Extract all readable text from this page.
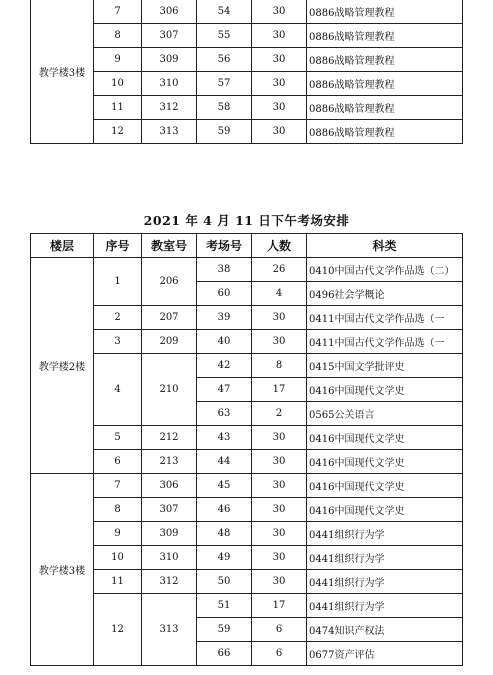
教学楼3楼	7	306	54	30	0886战略管理教程
	8	307	55	30	0886战略管理教程
	9	309	56	30	0886战略管理教程
	10	310	57	30	0886战略管理教程
	11	312	58	30	0886战略管理教程
	12	313	59	30	0886战略管理教程
2021 年 4 月 11 日下午考场安排
楼层	序号	教室号	考场号	人数	科类
教学楼2楼	1	206	38	26	0410中国古代文学作品选（二）
			60	4	0496社会学概论
	2	207	39	30	0411中国古代文学作品选（一
	3	209	40	30	0411中国古代文学作品选（一
	4	210	42	8	0415中国文学批评史
			47	17	0416中国现代文学史
			63	2	0565公关语言
	5	212	43	30	0416中国现代文学史
	6	213	44	30	0416中国现代文学史
教学楼3楼	7	306	45	30	0416中国现代文学史
	8	307	46	30	0416中国现代文学史
	9	309	48	30	0441组织行为学
	10	310	49	30	0441组织行为学
	11	312	50	30	0441组织行为学
	12	313	51	17	0441组织行为学
			59	6	0474知识产权法
			66	6	0677资产评估
